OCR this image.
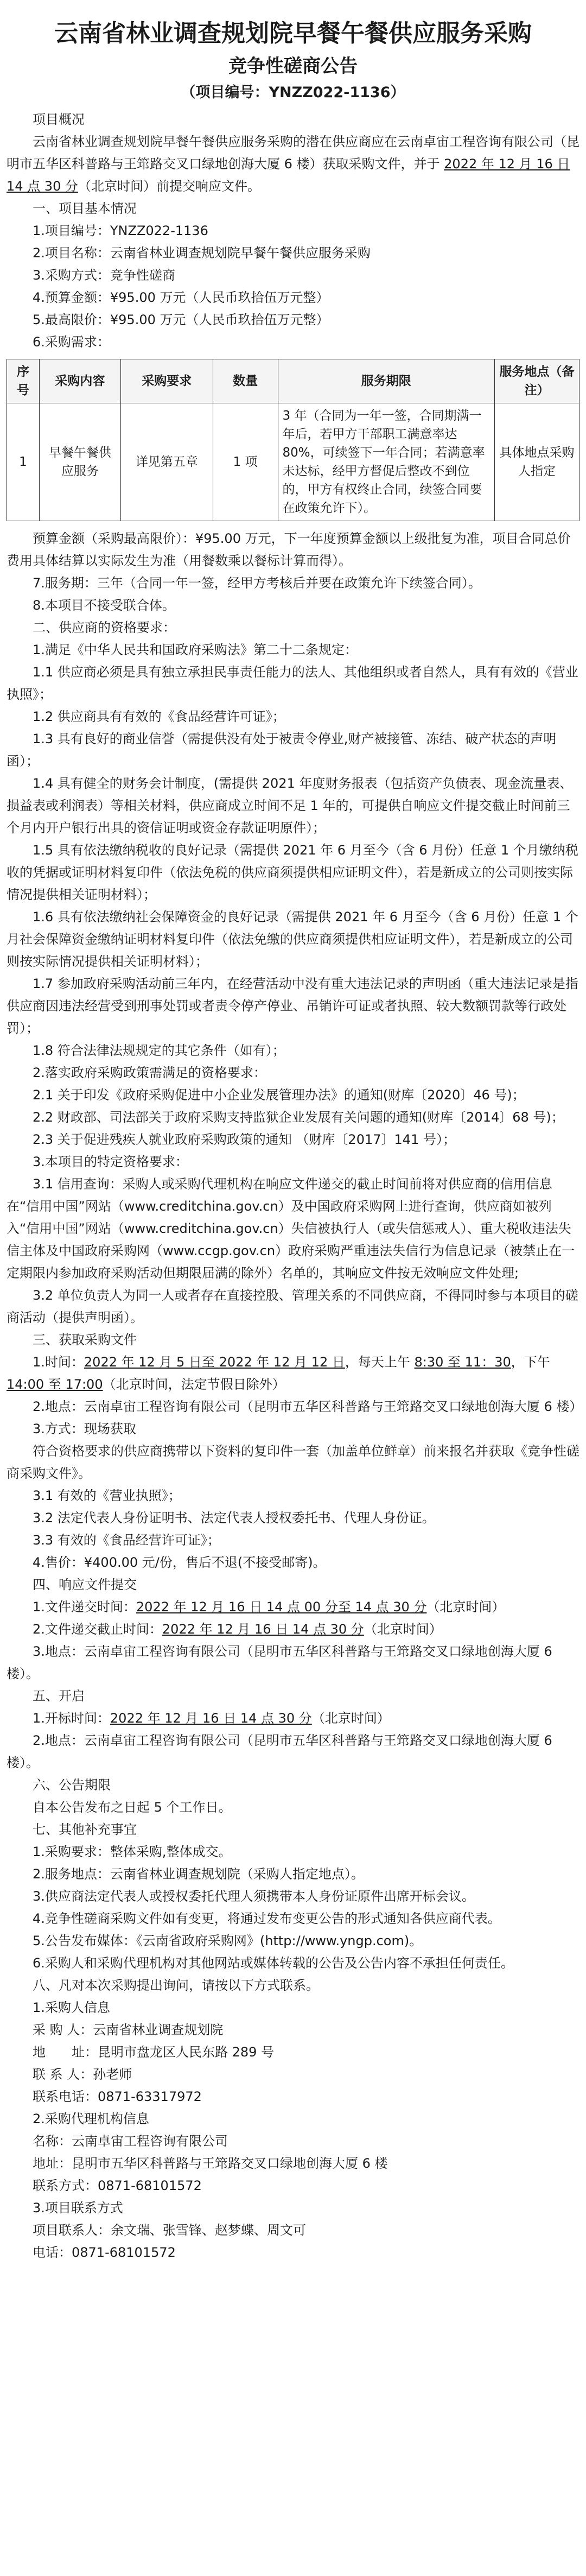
云南省林业调查规划院早餐午餐供应服务采购
竞争性磋商公告
（项目编号：YNZZ022-1136）

项目概况

云南省林业调查规划院早餐午餐供应服务采购的潜在供应商应在云南卓宙工程咨询有限公司（昆明市五华区科普路与王筇路交叉口绿地创海大厦 6 楼）获取采购文件，并于 2022 年 12 月 16 日 14 点 30 分（北京时间）前提交响应文件。

一、项目基本情况

1.项目编号：YNZZ022-1136

2.项目名称：云南省林业调查规划院早餐午餐供应服务采购

3.采购方式：竞争性磋商

4.预算金额：¥95.00 万元（人民币玖拾伍万元整）

5.最高限价：¥95.00 万元（人民币玖拾伍万元整）

6.采购需求：

序号	采购内容	采购要求	数量	服务期限	服务地点（备注）
1	早餐午餐供应服务	详见第五章	1 项	3 年（合同为一年一签，合同期满一年后，若甲方干部职工满意率达 80%，可续签下一年合同；若满意率未达标，经甲方督促后整改不到位的，甲方有权终止合同，续签合同要在政策允许下）。	具体地点采购人指定

预算金额（采购最高限价）：¥95.00 万元，下一年度预算金额以上级批复为准，项目合同总价费用具体结算以实际发生为准（用餐数乘以餐标计算而得）。

7.服务期：三年（合同一年一签，经甲方考核后并要在政策允许下续签合同）。

8.本项目不接受联合体。

二、供应商的资格要求：

1.满足《中华人民共和国政府采购法》第二十二条规定：

1.1 供应商必须是具有独立承担民事责任能力的法人、其他组织或者自然人，具有有效的《营业执照》；

1.2 供应商具有有效的《食品经营许可证》；

1.3 具有良好的商业信誉（需提供没有处于被责令停业,财产被接管、冻结、破产状态的声明函）；

1.4 具有健全的财务会计制度，(需提供 2021 年度财务报表（包括资产负债表、现金流量表、损益表或利润表）等相关材料，供应商成立时间不足 1 年的，可提供自响应文件提交截止时间前三个月内开户银行出具的资信证明或资金存款证明原件）；

1.5 具有依法缴纳税收的良好记录（需提供 2021 年 6 月至今（含 6 月份）任意 1 个月缴纳税收的凭据或证明材料复印件（依法免税的供应商须提供相应证明文件），若是新成立的公司则按实际情况提供相关证明材料）；

1.6 具有依法缴纳社会保障资金的良好记录（需提供 2021 年 6 月至今（含 6 月份）任意 1 个月社会保障资金缴纳证明材料复印件（依法免缴的供应商须提供相应证明文件），若是新成立的公司则按实际情况提供相关证明材料）；

1.7 参加政府采购活动前三年内，在经营活动中没有重大违法记录的声明函（重大违法记录是指供应商因违法经营受到刑事处罚或者责令停产停业、吊销许可证或者执照、较大数额罚款等行政处罚）；

1.8 符合法律法规规定的其它条件（如有）；

2.落实政府采购政策需满足的资格要求：

2.1 关于印发《政府采购促进中小企业发展管理办法》的通知(财库〔2020〕46 号)；

2.2 财政部、司法部关于政府采购支持监狱企业发展有关问题的通知(财库〔2014〕68 号)；

2.3 关于促进残疾人就业政府采购政策的通知 （财库〔2017〕141 号）；

3.本项目的特定资格要求：

3.1 信用查询：采购人或采购代理机构在响应文件递交的截止时间前将对供应商的信用信息在“信用中国”网站（www.creditchina.gov.cn）及中国政府采购网上进行查询，供应商如被列入“信用中国”网站（www.creditchina.gov.cn）失信被执行人（或失信惩戒人）、重大税收违法失信主体及中国政府采购网（www.ccgp.gov.cn）政府采购严重违法失信行为信息记录（被禁止在一定期限内参加政府采购活动但期限届满的除外）名单的，其响应文件按无效响应文件处理;

3.2 单位负责人为同一人或者存在直接控股、管理关系的不同供应商，不得同时参与本项目的磋商活动（提供声明函）。

三、获取采购文件

1.时间：2022 年 12 月 5 日至 2022 年 12 月 12 日，每天上午 8:30 至 11：30，下午 14:00 至 17:00（北京时间，法定节假日除外）

2.地点：云南卓宙工程咨询有限公司（昆明市五华区科普路与王筇路交叉口绿地创海大厦 6 楼）

3.方式：现场获取

符合资格要求的供应商携带以下资料的复印件一套（加盖单位鲜章）前来报名并获取《竞争性磋商采购文件》。

3.1 有效的《营业执照》；

3.2 法定代表人身份证明书、法定代表人授权委托书、代理人身份证。

3.3 有效的《食品经营许可证》；

4.售价：¥400.00 元/份，售后不退(不接受邮寄)。

四、响应文件提交

1.文件递交时间：2022 年 12 月 16 日 14 点 00 分至 14 点 30 分（北京时间）

2.文件递交截止时间：2022 年 12 月 16 日 14 点 30 分（北京时间）

3.地点：云南卓宙工程咨询有限公司（昆明市五华区科普路与王筇路交叉口绿地创海大厦 6 楼）。

五、开启

1.开标时间：2022 年 12 月 16 日 14 点 30 分（北京时间）

2.地点：云南卓宙工程咨询有限公司（昆明市五华区科普路与王筇路交叉口绿地创海大厦 6 楼）。

六、公告期限

自本公告发布之日起 5 个工作日。

七、其他补充事宜

1.采购要求：整体采购,整体成交。

2.服务地点：云南省林业调查规划院（采购人指定地点）。

3.供应商法定代表人或授权委托代理人须携带本人身份证原件出席开标会议。

4.竞争性磋商采购文件如有变更，将通过发布变更公告的形式通知各供应商代表。

5.公告发布媒体：《云南省政府采购网》(http://www.yngp.com)。

6.采购人和采购代理机构对其他网站或媒体转载的公告及公告内容不承担任何责任。

八、凡对本次采购提出询问，请按以下方式联系。

1.采购人信息

采 购 人：云南省林业调查规划院

地　　址：昆明市盘龙区人民东路 289 号

联 系 人：孙老师

联系电话：0871-63317972

2.采购代理机构信息

名称：云南卓宙工程咨询有限公司

地址：昆明市五华区科普路与王筇路交叉口绿地创海大厦 6 楼

联系方式：0871-68101572

3.项目联系方式

项目联系人：余文瑞、张雪锋、赵梦蝶、周文可

电话：0871-68101572
